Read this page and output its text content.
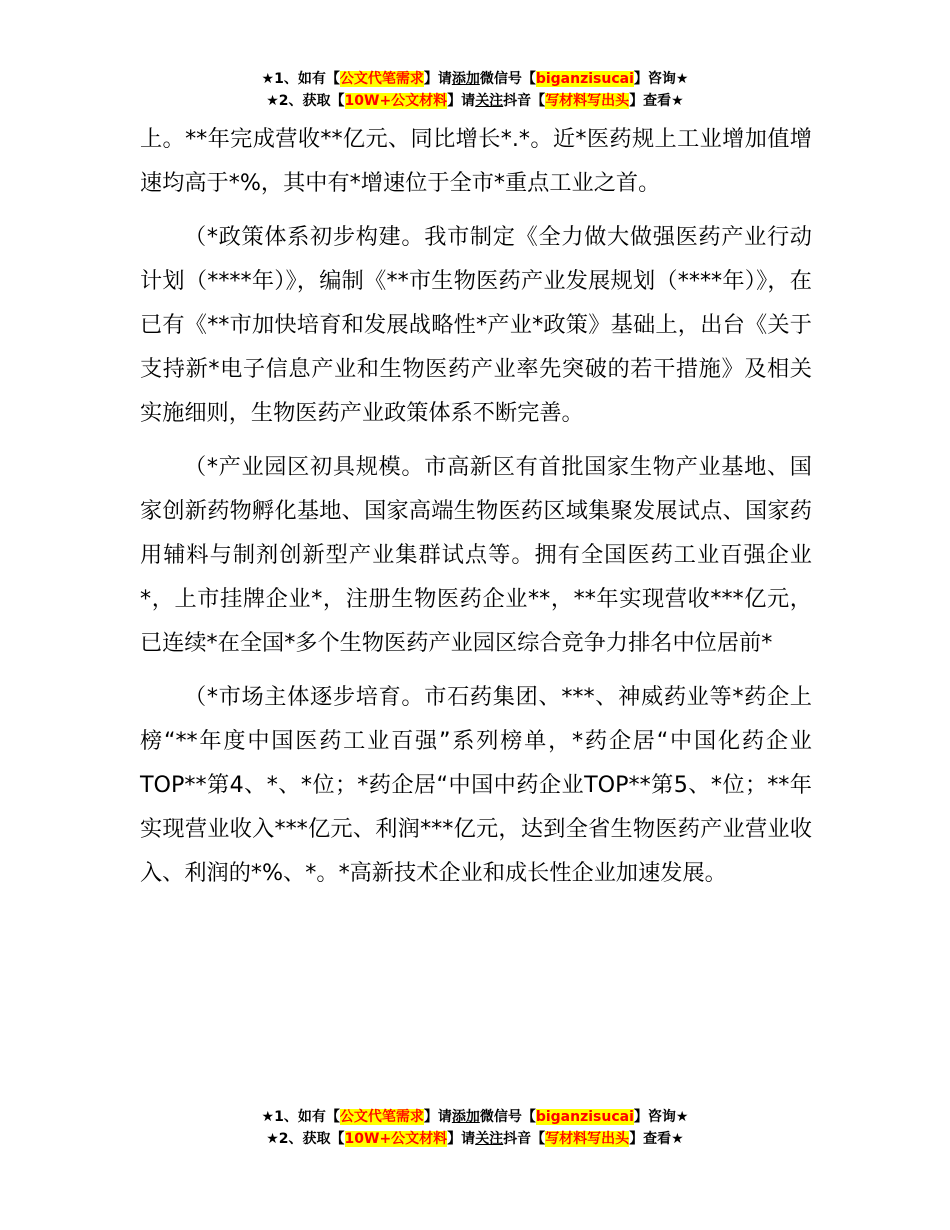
★1、如有【公文代笔需求】请添加微信号【biganzisucai】咨询★
★2、获取【10W+公文材料】请关注抖音【写材料写出头】查看★

上。**年完成营收**亿元、同比增长*.*。近*医药规上工业增加值增速均高于*%，其中有*增速位于全市*重点工业之首。

（*政策体系初步构建。我市制定《全力做大做强医药产业行动计划（****年）》，编制《**市生物医药产业发展规划（****年）》，在已有《**市加快培育和发展战略性*产业*政策》基础上，出台《关于支持新*电子信息产业和生物医药产业率先突破的若干措施》及相关实施细则，生物医药产业政策体系不断完善。

（*产业园区初具规模。市高新区有首批国家生物产业基地、国家创新药物孵化基地、国家高端生物医药区域集聚发展试点、国家药用辅料与制剂创新型产业集群试点等。拥有全国医药工业百强企业*，上市挂牌企业*，注册生物医药企业**，**年实现营收***亿元，已连续*在全国*多个生物医药产业园区综合竞争力排名中位居前*

（*市场主体逐步培育。市石药集团、***、神威药业等*药企上榜“**年度中国医药工业百强”系列榜单，*药企居“中国化药企业TOP**第4、*、*位；*药企居“中国中药企业TOP**第5、*位；**年实现营业收入***亿元、利润***亿元，达到全省生物医药产业营业收入、利润的*%、*。*高新技术企业和成长性企业加速发展。

★1、如有【公文代笔需求】请添加微信号【biganzisucai】咨询★
★2、获取【10W+公文材料】请关注抖音【写材料写出头】查看★
